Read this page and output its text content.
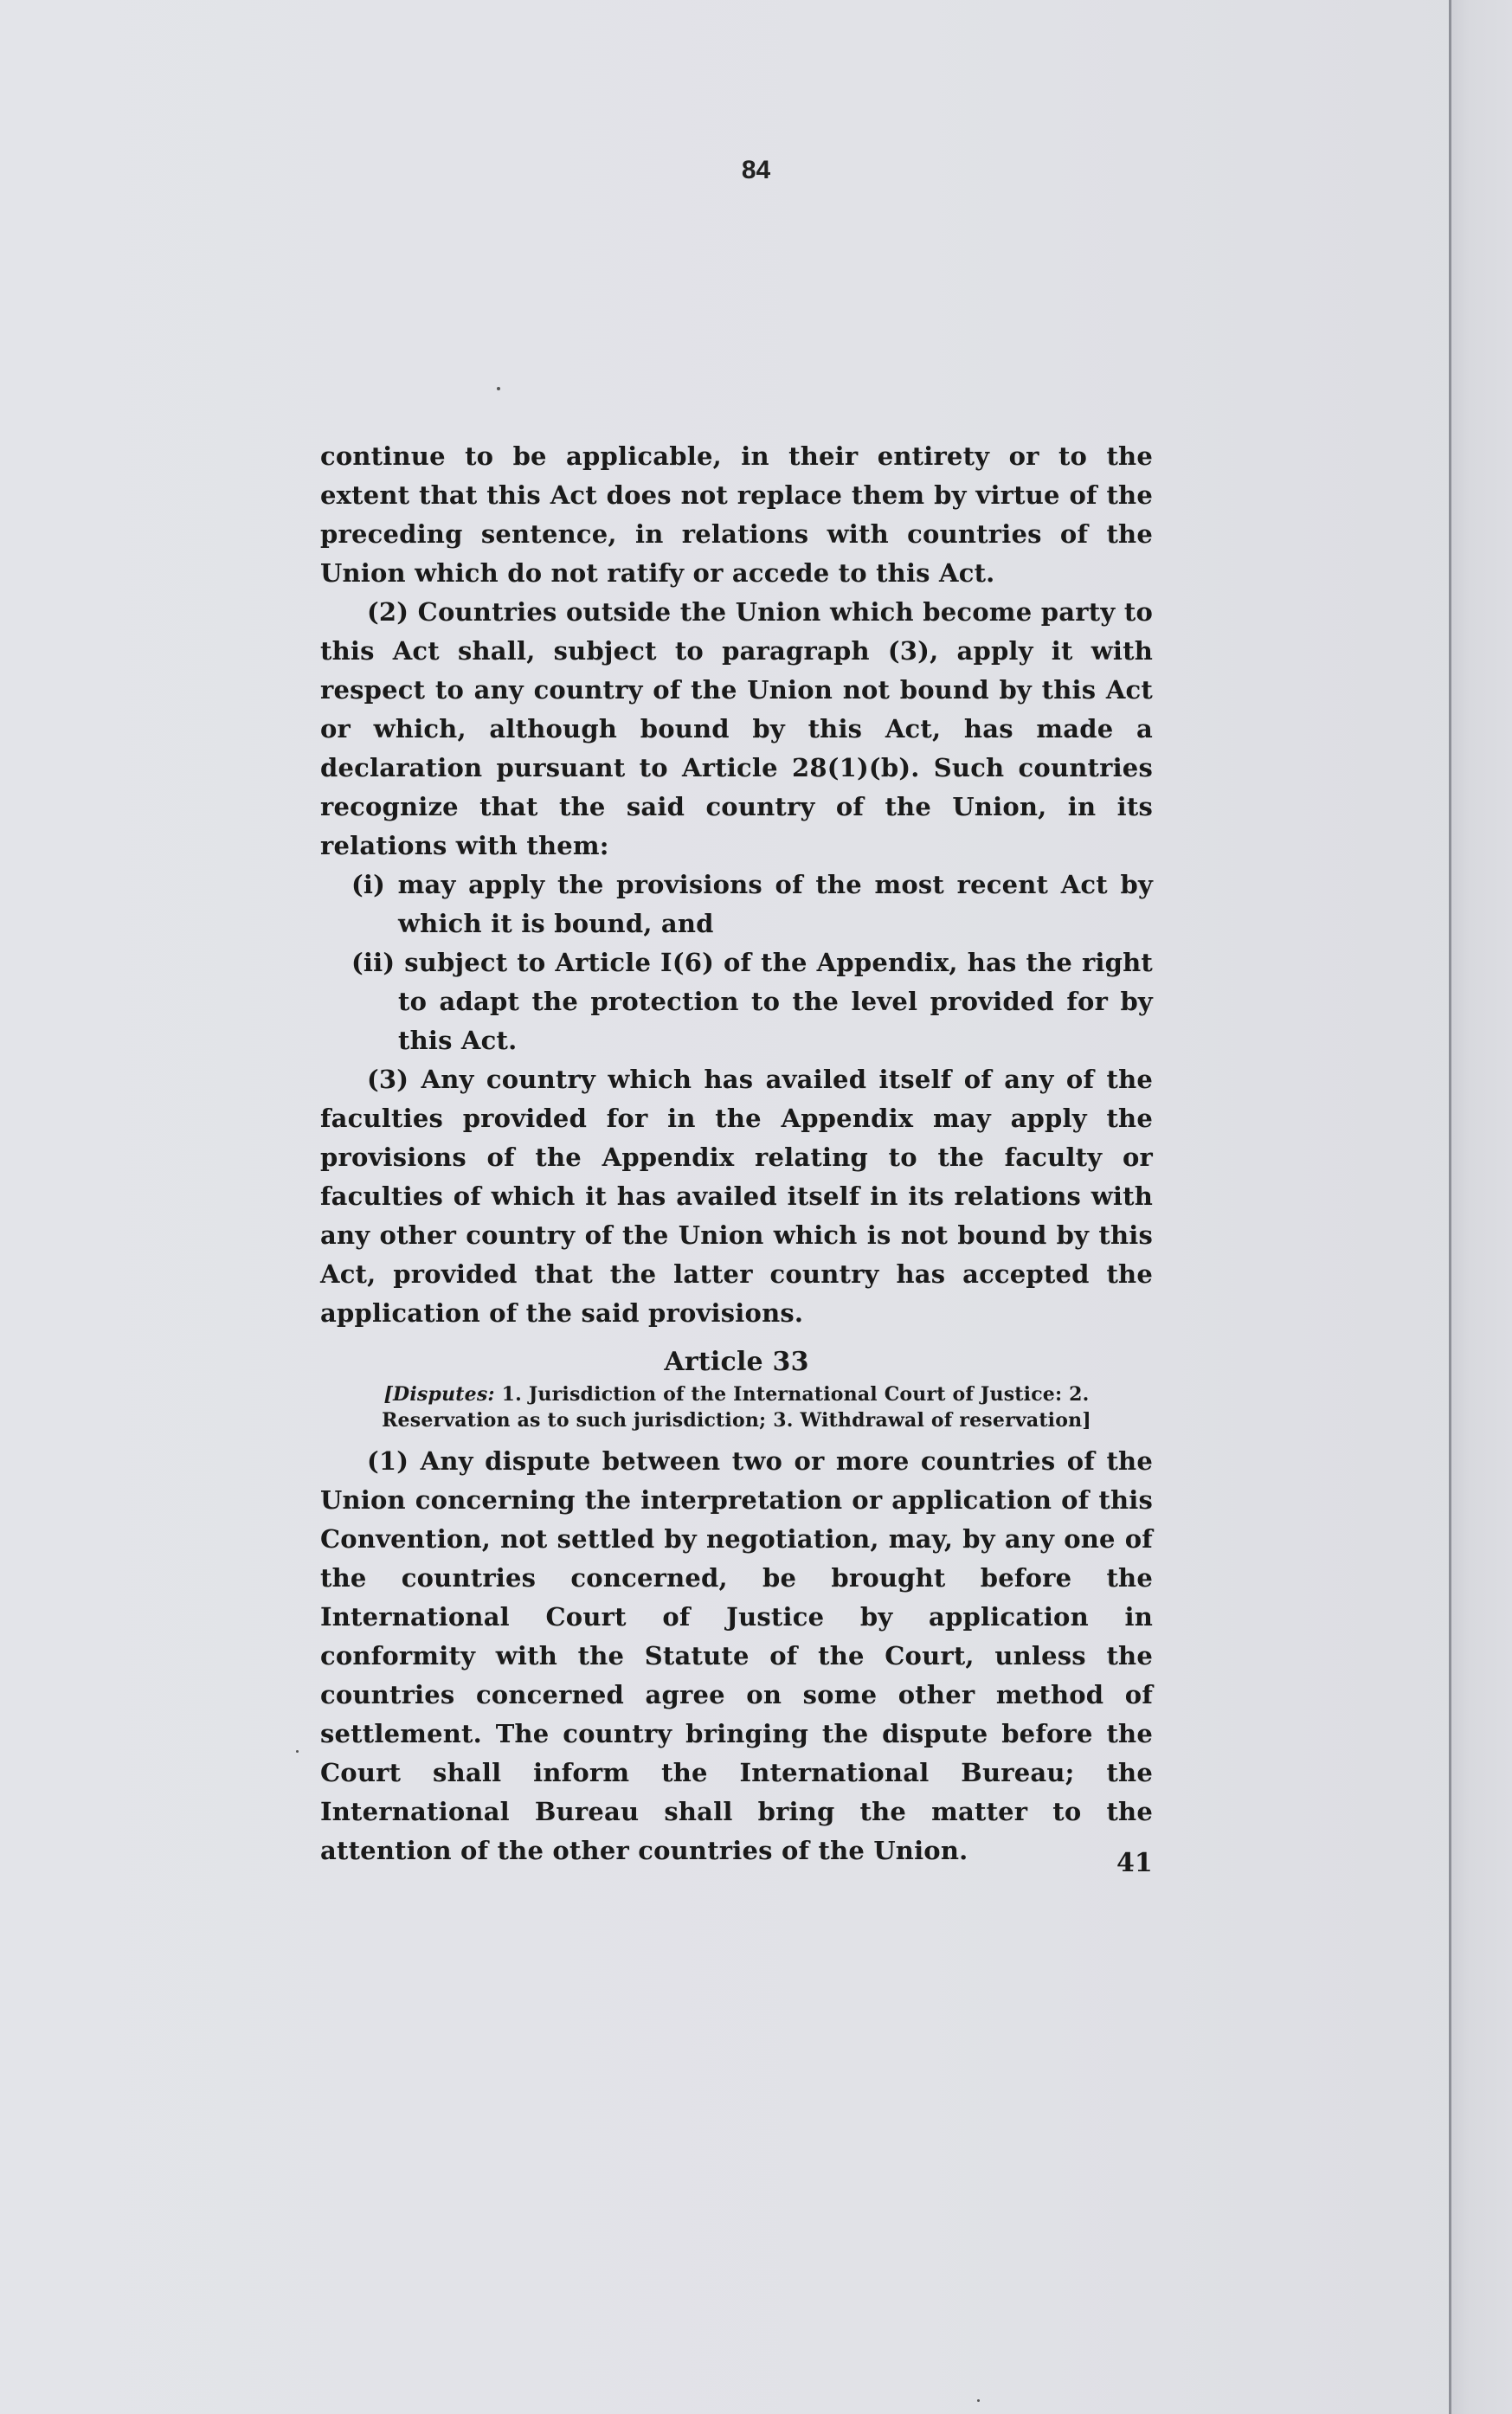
84

continue to be applicable, in their entirety or to the extent that this Act does not replace them by virtue of the preceding sentence, in relations with countries of the Union which do not ratify or accede to this Act.

(2) Countries outside the Union which become party to this Act shall, subject to paragraph (3), apply it with respect to any country of the Union not bound by this Act or which, although bound by this Act, has made a declaration pursuant to Article 28(1)(b). Such countries recognize that the said country of the Union, in its relations with them:

(i) may apply the provisions of the most recent Act by which it is bound, and

(ii) subject to Article I(6) of the Appendix, has the right to adapt the protection to the level provided for by this Act.

(3) Any country which has availed itself of any of the faculties provided for in the Appendix may apply the provisions of the Appendix relating to the faculty or faculties of which it has availed itself in its relations with any other country of the Union which is not bound by this Act, provided that the latter country has accepted the application of the said provisions.

Article 33

[Disputes: 1. Jurisdiction of the International Court of Justice: 2. Reservation as to such jurisdiction; 3. Withdrawal of reservation]

(1) Any dispute between two or more countries of the Union concerning the interpretation or application of this Convention, not settled by negotiation, may, by any one of the countries concerned, be brought before the International Court of Justice by application in conformity with the Statute of the Court, unless the countries concerned agree on some other method of settlement. The country bringing the dispute before the Court shall inform the International Bureau; the International Bureau shall bring the matter to the attention of the other countries of the Union.	41
